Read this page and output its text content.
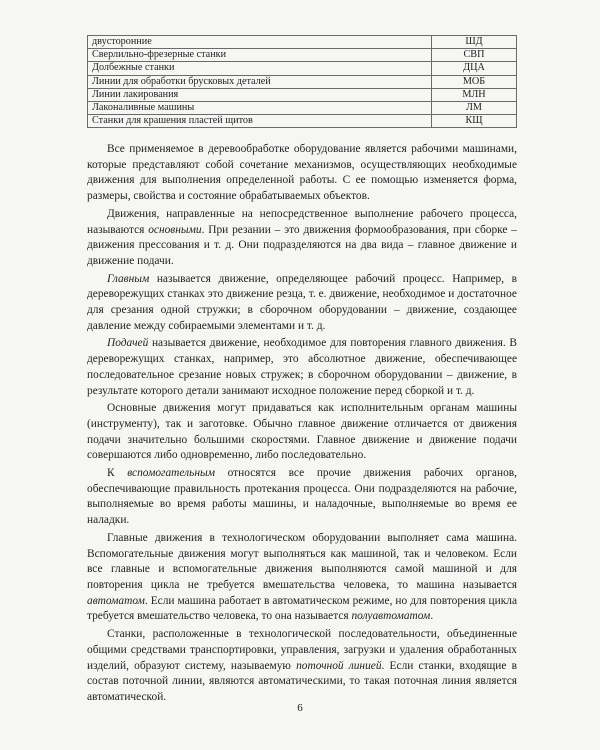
двусторонние	ШД
Сверлильно-фрезерные станки	СВП
Долбежные станки	ДЦА
Линии для обработки брусковых деталей	МОБ
Линии лакирования	МЛН
Лаконаливные машины	ЛМ
Станки для крашения пластей щитов	КЩ

Все применяемое в деревообработке оборудование является рабочими машинами, которые представляют собой сочетание механизмов, осуществляющих необходимые движения для выполнения определенной работы. С ее помощью изменяется форма, размеры, свойства и состояние обрабатываемых объектов.

Движения, направленные на непосредственное выполнение рабочего процесса, называются основными. При резании – это движения формообразования, при сборке – движения прессования и т. д. Они подразделяются на два вида – главное движение и движение подачи.

Главным называется движение, определяющее рабочий процесс. Например, в дереворежущих станках это движение резца, т. е. движение, необходимое и достаточное для срезания одной стружки; в сборочном оборудовании – движение, создающее давление между собираемыми элементами и т. д.

Подачей называется движение, необходимое для повторения главного движения. В дереворежущих станках, например, это абсолютное движение, обеспечивающее последовательное срезание новых стружек; в сборочном оборудовании – движение, в результате которого детали занимают исходное положение перед сборкой и т. д.

Основные движения могут придаваться как исполнительным органам машины (инструменту), так и заготовке. Обычно главное движение отличается от движения подачи значительно большими скоростями. Главное движение и движение подачи совершаются либо одновременно, либо последовательно.

К вспомогательным относятся все прочие движения рабочих органов, обеспечивающие правильность протекания процесса. Они подразделяются на рабочие, выполняемые во время работы машины, и наладочные, выполняемые во время ее наладки.

Главные движения в технологическом оборудовании выполняет сама машина. Вспомогательные движения могут выполняться как машиной, так и человеком. Если все главные и вспомогательные движения выполняются самой машиной и для повторения цикла не требуется вмешательства человека, то машина называется автоматом. Если машина работает в автоматическом режиме, но для повторения цикла требуется вмешательство человека, то она называется полуавтоматом.

Станки, расположенные в технологической последовательности, объединенные общими средствами транспортировки, управления, загрузки и удаления обработанных изделий, образуют систему, называемую поточной линией. Если станки, входящие в состав поточной линии, являются автоматическими, то такая поточная линия является автоматической.

6
